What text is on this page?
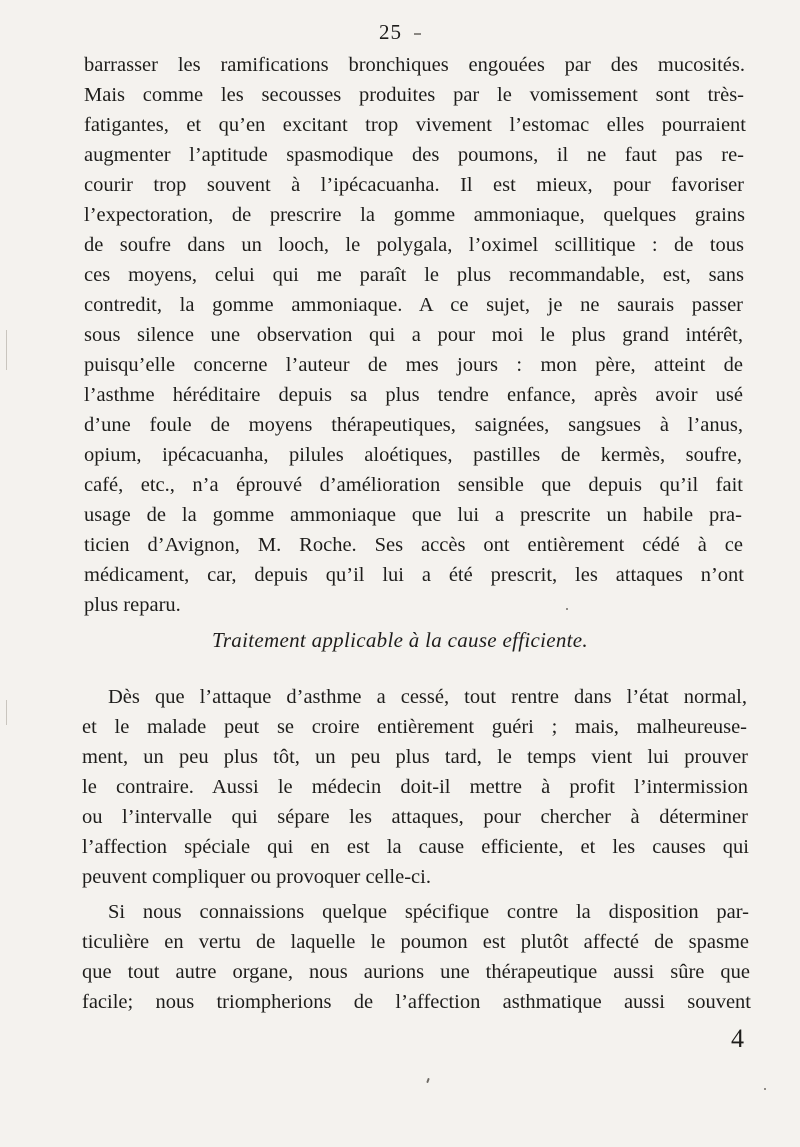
25
barrasser les ramifications bronchiques engouées par des mucosités.
Mais comme les secousses produites par le vomissement sont très-
fatigantes, et qu’en excitant trop vivement l’estomac elles pourraient
augmenter l’aptitude spasmodique des poumons, il ne faut pas re-
courir trop souvent à l’ipécacuanha. Il est mieux, pour favoriser
l’expectoration, de prescrire la gomme ammoniaque, quelques grains
de soufre dans un looch, le polygala, l’oximel scillitique : de tous
ces moyens, celui qui me paraît le plus recommandable, est, sans
contredit, la gomme ammoniaque. A ce sujet, je ne saurais passer
sous silence une observation qui a pour moi le plus grand intérêt,
puisqu’elle concerne l’auteur de mes jours : mon père, atteint de
l’asthme héréditaire depuis sa plus tendre enfance, après avoir usé
d’une foule de moyens thérapeutiques, saignées, sangsues à l’anus,
opium, ipécacuanha, pilules aloétiques, pastilles de kermès, soufre,
café, etc., n’a éprouvé d’amélioration sensible que depuis qu’il fait
usage de la gomme ammoniaque que lui a prescrite un habile pra-
ticien d’Avignon, M. Roche. Ses accès ont entièrement cédé à ce
médicament, car, depuis qu’il lui a été prescrit, les attaques n’ont
plus reparu.
Traitement applicable à la cause efficiente.
Dès que l’attaque d’asthme a cessé, tout rentre dans l’état normal,
et le malade peut se croire entièrement guéri ; mais, malheureuse-
ment, un peu plus tôt, un peu plus tard, le temps vient lui prouver
le contraire. Aussi le médecin doit-il mettre à profit l’intermission
ou l’intervalle qui sépare les attaques, pour chercher à déterminer
l’affection spéciale qui en est la cause efficiente, et les causes qui
peuvent compliquer ou provoquer celle-ci.
Si nous connaissions quelque spécifique contre la disposition par-
ticulière en vertu de laquelle le poumon est plutôt affecté de spasme
que tout autre organe, nous aurions une thérapeutique aussi sûre que
facile; nous triompherions de l’affection asthmatique aussi souvent
4
